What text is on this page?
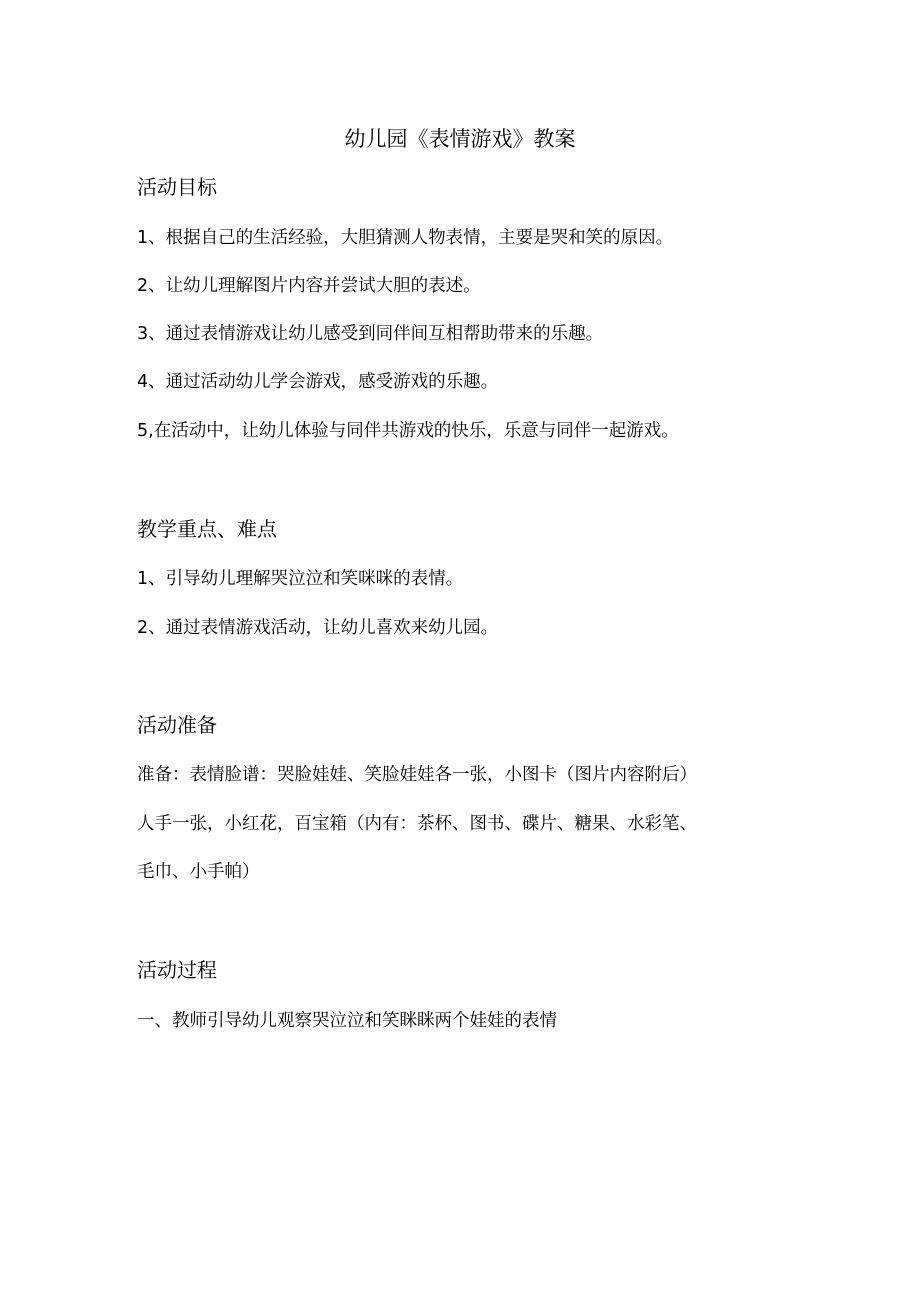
幼儿园《表情游戏》教案
活动目标
1、根据自己的生活经验，大胆猜测人物表情，主要是哭和笑的原因。
2、让幼儿理解图片内容并尝试大胆的表述。
3、通过表情游戏让幼儿感受到同伴间互相帮助带来的乐趣。
4、通过活动幼儿学会游戏，感受游戏的乐趣。
5,在活动中，让幼儿体验与同伴共游戏的快乐，乐意与同伴一起游戏。
教学重点、难点
1、引导幼儿理解哭泣泣和笑咪咪的表情。
2、通过表情游戏活动，让幼儿喜欢来幼儿园。
活动准备
准备：表情脸谱：哭脸娃娃、笑脸娃娃各一张，小图卡（图片内容附后）
人手一张，小红花，百宝箱（内有：茶杯、图书、碟片、糖果、水彩笔、
毛巾、小手帕）
活动过程
一、教师引导幼儿观察哭泣泣和笑眯眯两个娃娃的表情
